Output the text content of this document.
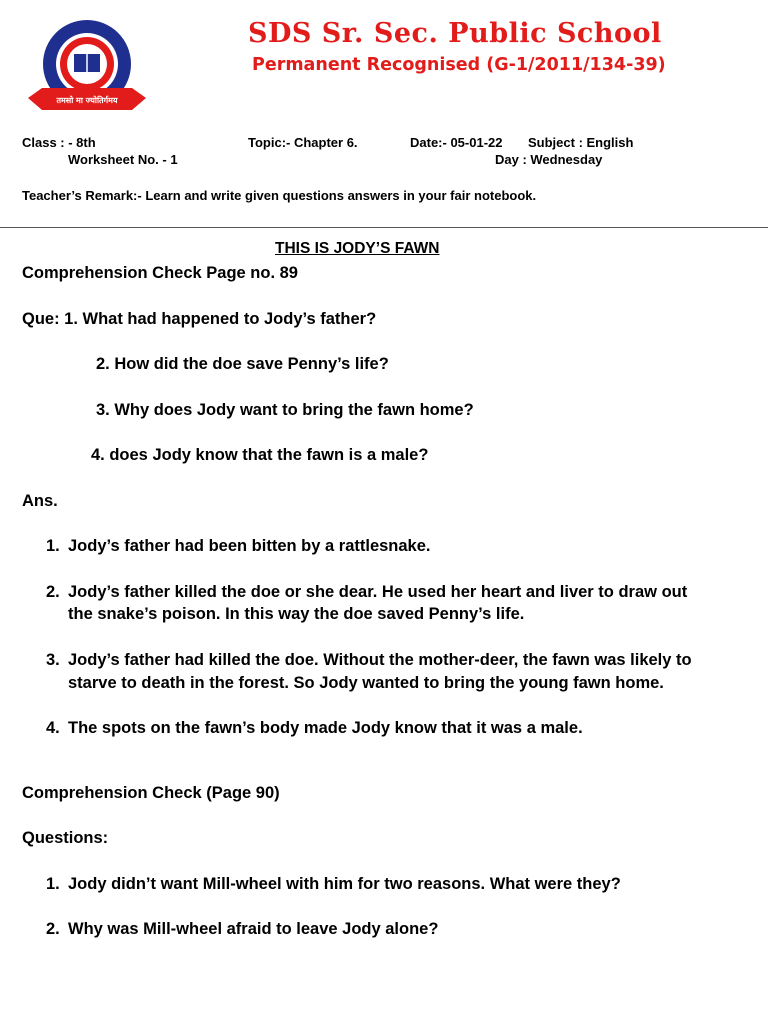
तमसो मा ज्योतिर्गमय
SDS Sr. Sec. Public School
Permanent Recognised (G-1/2011/134-39)
Class : - 8th
Worksheet No. - 1
Topic:- Chapter 6.	Date:- 05-01-22 Subject : English
Day : Wednesday
Teacher’s Remark:- Learn and write given questions answers in your fair notebook.
THIS IS JODY’S FAWN
Comprehension Check Page no. 89
Que: 1. What had happened to Jody’s father?
2. How did the doe save Penny’s life?
3. Why does Jody want to bring the fawn home?
4. does Jody know that the fawn is a male?
Ans.
1. Jody’s father had been bitten by a rattlesnake.
2. Jody’s father killed the doe or she dear. He used her heart and liver to draw out
the snake’s poison. In this way the doe saved Penny’s life.
3. Jody’s father had killed the doe. Without the mother-deer, the fawn was likely to
starve to death in the forest. So Jody wanted to bring the young fawn home.
4. The spots on the fawn’s body made Jody know that it was a male.
Comprehension Check (Page 90)
Questions:
1. Jody didn’t want Mill-wheel with him for two reasons. What were they?
2. Why was Mill-wheel afraid to leave Jody alone?
